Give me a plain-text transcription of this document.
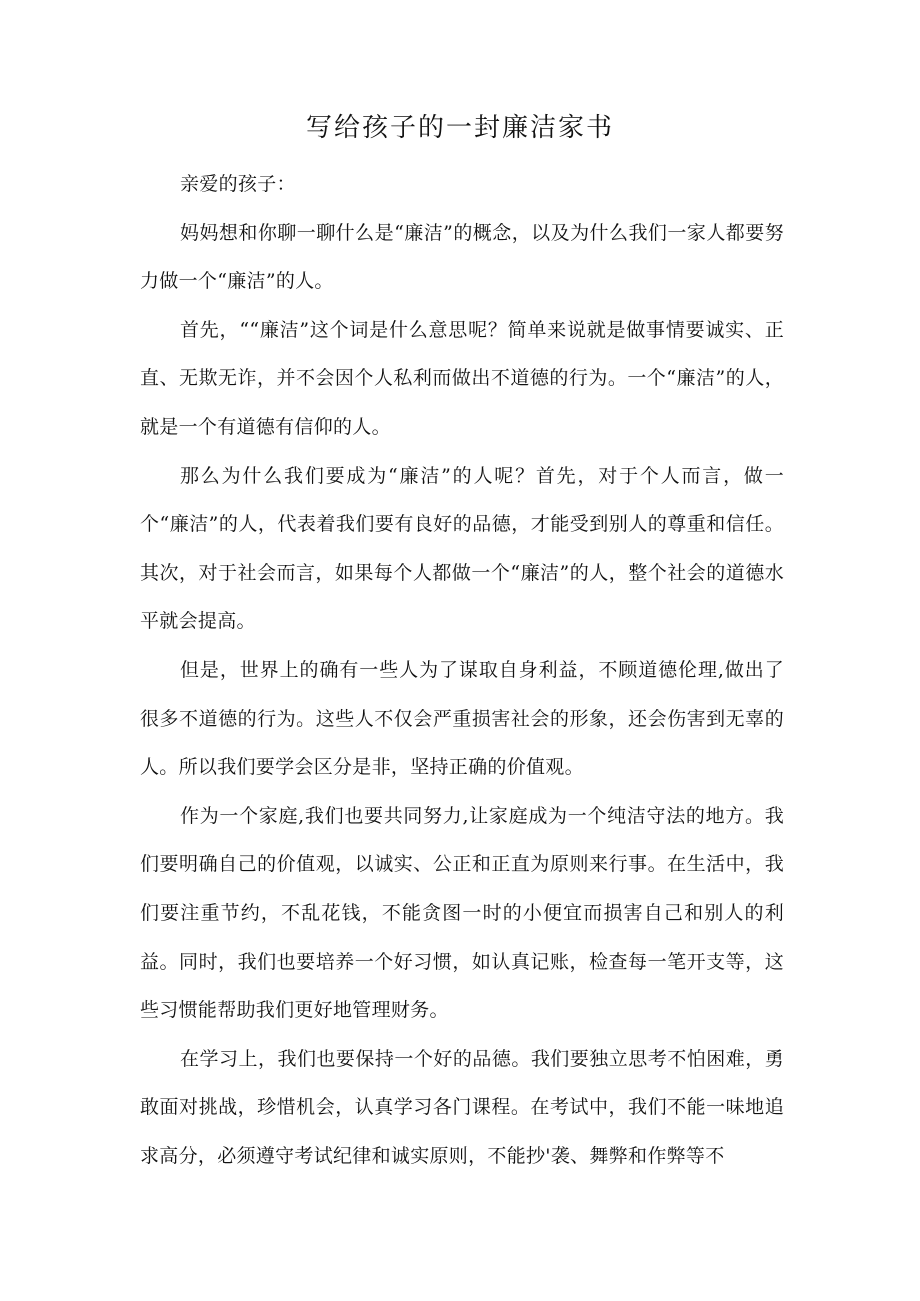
写给孩子的一封廉洁家书

亲爱的孩子：

妈妈想和你聊一聊什么是“廉洁”的概念，以及为什么我们一家人都要努力做一个“廉洁”的人。

首先，““廉洁”这个词是什么意思呢？简单来说就是做事情要诚实、正直、无欺无诈，并不会因个人私利而做出不道德的行为。一个“廉洁”的人，就是一个有道德有信仰的人。

那么为什么我们要成为“廉洁”的人呢？首先，对于个人而言，做一个“廉洁”的人，代表着我们要有良好的品德，才能受到别人的尊重和信任。其次，对于社会而言，如果每个人都做一个“廉洁”的人，整个社会的道德水平就会提高。

但是，世界上的确有一些人为了谋取自身利益，不顾道德伦理,做出了很多不道德的行为。这些人不仅会严重损害社会的形象，还会伤害到无辜的人。所以我们要学会区分是非，坚持正确的价值观。

作为一个家庭,我们也要共同努力,让家庭成为一个纯洁守法的地方。我们要明确自己的价值观，以诚实、公正和正直为原则来行事。在生活中，我们要注重节约，不乱花钱，不能贪图一时的小便宜而损害自己和别人的利益。同时，我们也要培养一个好习惯，如认真记账，检查每一笔开支等，这些习惯能帮助我们更好地管理财务。

在学习上，我们也要保持一个好的品德。我们要独立思考不怕困难，勇敢面对挑战，珍惜机会，认真学习各门课程。在考试中，我们不能一味地追求高分，必须遵守考试纪律和诚实原则，不能抄'袭、舞弊和作弊等不
